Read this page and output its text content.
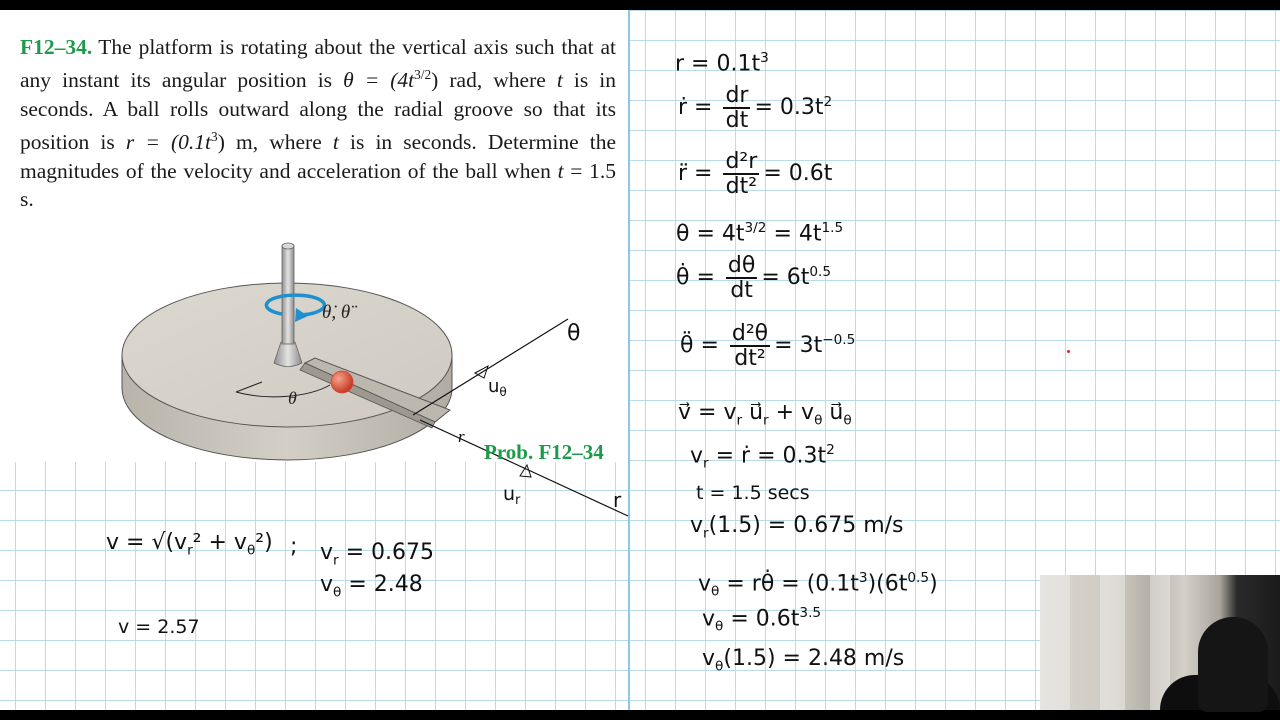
F12–34. The platform is rotating about the vertical axis such that at any instant its angular position is $\theta = (4t^{3/2})$ rad, where t is in seconds. A ball rolls outward along the radial groove so that its position is $r = (0.1t^3)$ m, where t is in seconds. Determine the magnitudes of the velocity and acceleration of the ball when t = 1.5 s.
θ
θ̇, θ̈
θ
r
r
$u_\theta$
$u_r$
Prob. F12–34
$v = √(v_r^2 + v_\theta^2)$ ; $v_r = 0.675$
$v_\theta = 2.48$
v = 2.57
$r = 0.1t^3$
ṙ = $\frac{dr}{dt} = 0.3t^2$
r̈ = $\frac{\text{d²r}}{\text{dt²}} = 0.6t$
$\theta = 4t^{3/2} = 4t^{1.5}$
θ̇ = $\frac{d\theta}{dt} = 6t^{0.5}$
θ̈ = $\frac{\text{d²θ}}{\text{dt²}} = 3t^{-0.5}$
v⃗ = $v_r$ $u⃗_r + v_\theta$ $u⃗_\theta$
$v_r$ = ṙ = $0.3t^2$
t = 1.5 secs
$v_r(1.5) = 0.675$ m/s
$v_\theta$ = rθ̇ = $(0.1t^3)(6t^{0.5})$
$v_\theta = 0.6t^{3.5}$
$v_\theta(1.5) = 2.48$ m/s
